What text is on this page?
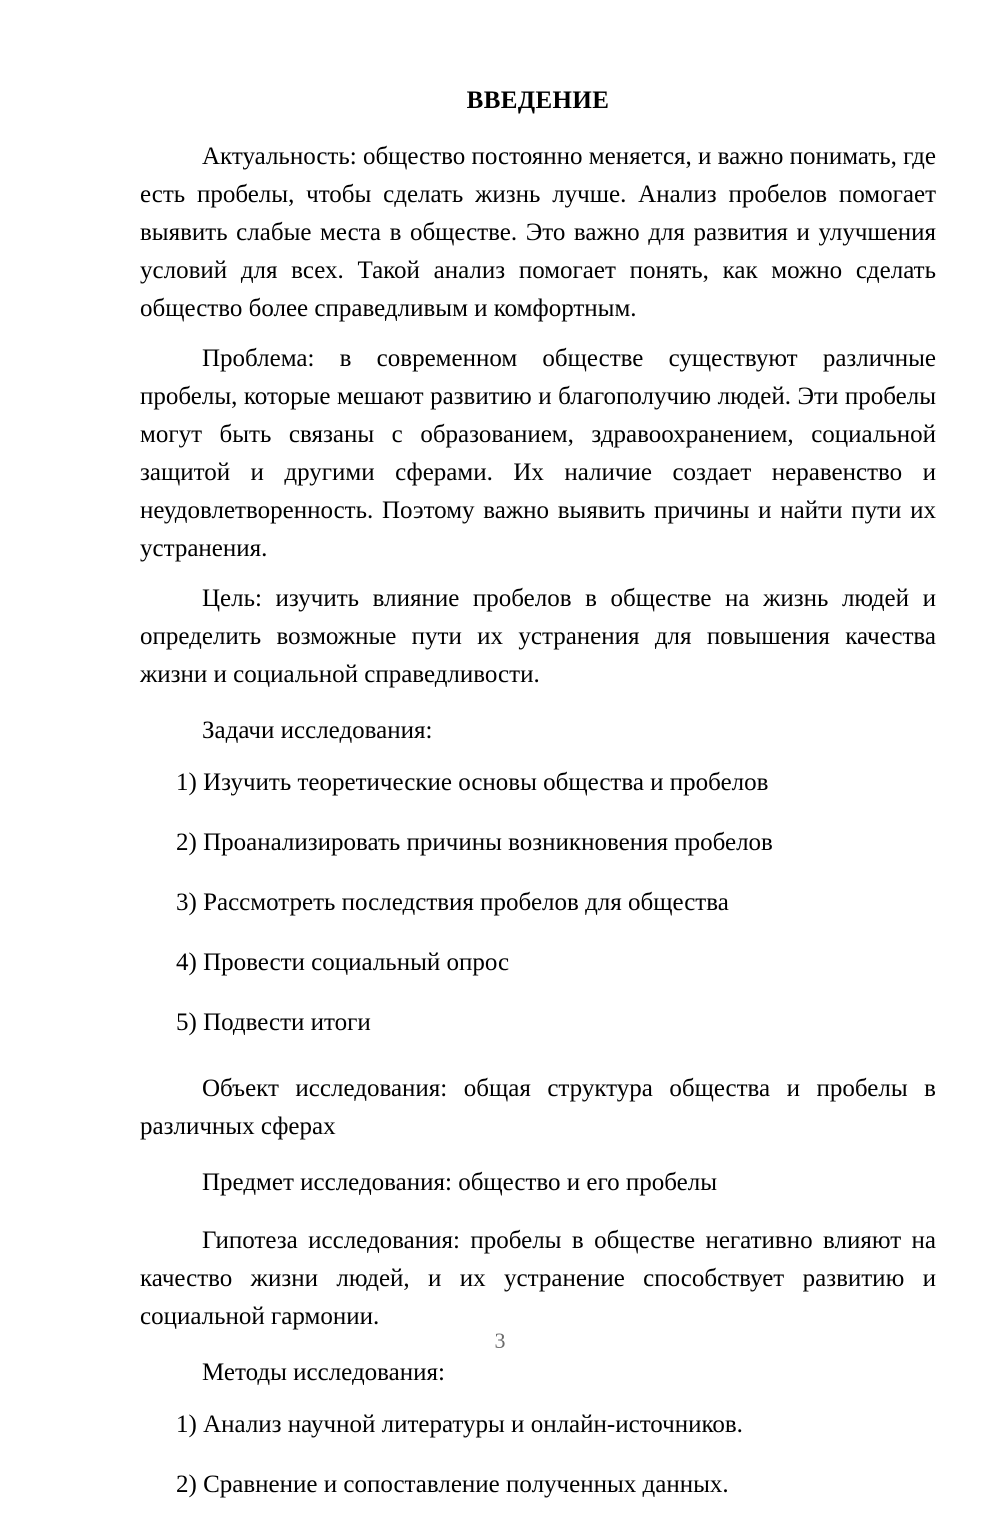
ВВЕДЕНИЕ

Актуальность: общество постоянно меняется, и важно понимать, где есть пробелы, чтобы сделать жизнь лучше. Анализ пробелов помогает выявить слабые места в обществе. Это важно для развития и улучшения условий для всех. Такой анализ помогает понять, как можно сделать общество более справедливым и комфортным.

Проблема: в современном обществе существуют различные пробелы, которые мешают развитию и благополучию людей. Эти пробелы могут быть связаны с образованием, здравоохранением, социальной защитой и другими сферами. Их наличие создает неравенство и неудовлетворенность. Поэтому важно выявить причины и найти пути их устранения.

Цель: изучить влияние пробелов в обществе на жизнь людей и определить возможные пути их устранения для повышения качества жизни и социальной справедливости.

Задачи исследования:

1) Изучить теоретические основы общества и пробелов
2) Проанализировать причины возникновения пробелов
3) Рассмотреть последствия пробелов для общества
4) Провести социальный опрос
5) Подвести итоги

Объект исследования: общая структура общества и пробелы в различных сферах

Предмет исследования: общество и его пробелы

Гипотеза исследования: пробелы в обществе негативно влияют на качество жизни людей, и их устранение способствует развитию и социальной гармонии.

Методы исследования:

1) Анализ научной литературы и онлайн-источников.
2) Сравнение и сопоставление полученных данных.
3
